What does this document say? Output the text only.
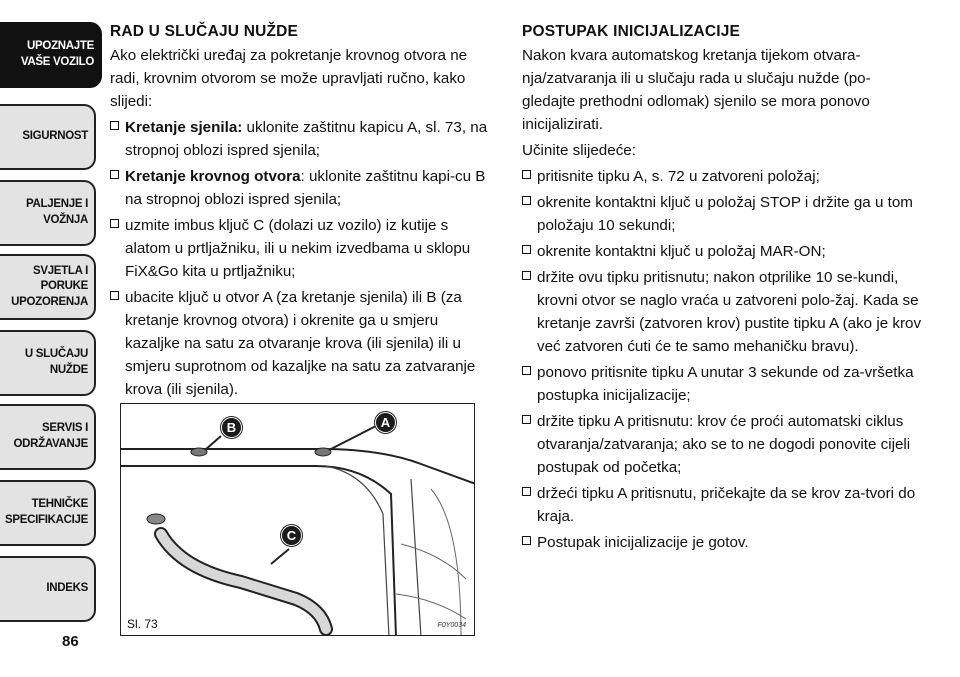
UPOZNAJTE
VAŠE VOZILO
SIGURNOST
PALJENJE I
VOŽNJA
SVJETLA I PORUKE
UPOZORENJA
U SLUČAJU
NUŽDE
SERVIS I
ODRŽAVANJE
TEHNIČKE
SPECIFIKACIJE
INDEKS
86
RAD U SLUČAJU NUŽDE

Ako električki uređaj za pokretanje krovnog otvora ne radi, krovnim otvorom se može upravljati ručno, kako slijedi:

Kretanje sjenila: uklonite zaštitnu kapicu A, sl. 73, na stropnoj oblozi ispred sjenila;
Kretanje krovnog otvora: uklonite zaštitnu kapi-cu B na stropnoj oblozi ispred sjenila;
uzmite imbus ključ C (dolazi uz vozilo) iz kutije s alatom u prtljažniku, ili u nekim izvedbama u sklopu FiX&Go kita u prtljažniku;
ubacite ključ u otvor A (za kretanje sjenila) ili B (za kretanje krovnog otvora) i okrenite ga u smjeru kazaljke na satu za otvaranje krova (ili sjenila) ili u smjeru suprotnom od kazaljke na satu za zatvaranje krova (ili sjenila).
B	A
C
Sl. 73	F0Y0034
POSTUPAK INICIJALIZACIJE

Nakon kvara automatskog kretanja tijekom otvara-nja/zatvaranja ili u slučaju rada u slučaju nužde (po-gledajte prethodni odlomak) sjenilo se mora ponovo inicijalizirati.

Učinite slijedeće:

pritisnite tipku A, s. 72 u zatvoreni položaj;
okrenite kontaktni ključ u položaj STOP i držite ga u tom položaju 10 sekundi;
okrenite kontaktni ključ u položaj MAR-ON;
držite ovu tipku pritisnutu; nakon otprilike 10 se-kundi, krovni otvor se naglo vraća u zatvoreni polo-žaj. Kada se kretanje završi (zatvoren krov) pustite tipku A (ako je krov već zatvoren ćuti će te samo mehaničku bravu).
ponovo pritisnite tipku A unutar 3 sekunde od za-vršetka postupka inicijalizacije;
držite tipku A pritisnutu: krov će proći automatski ciklus otvaranja/zatvaranja; ako se to ne dogodi ponovite cijeli postupak od početka;
držeći tipku A pritisnutu, pričekajte da se krov za-tvori do kraja.
Postupak inicijalizacije je gotov.
